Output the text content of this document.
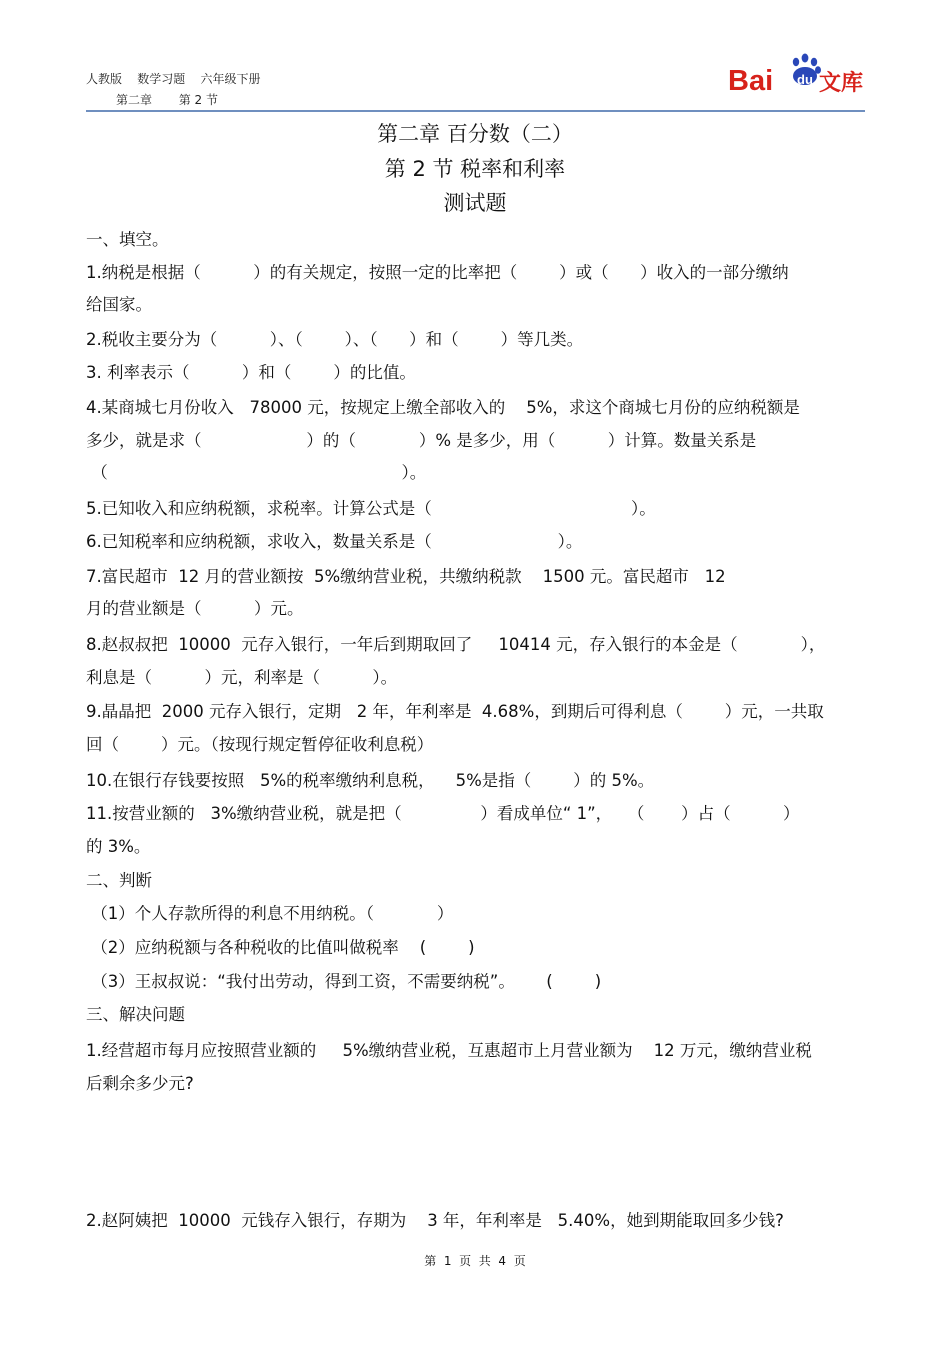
人教版    数学习题    六年级下册
第二章       第 2 节
Bai du 文库
第二章 百分数（二）
第 2 节 税率和利率
测试题
一、填空。
1.纳税是根据（          ）的有关规定，按照一定的比率把（        ）或（      ）收入的一部分缴纳
给国家。
2.税收主要分为（          ）、（        ）、（      ）和（        ）等几类。
3. 利率表示（          ）和（        ）的比值。
4.某商城七月份收入   78000 元，按规定上缴全部收入的    5%，求这个商城七月份的应纳税额是
多少，就是求（                    ）的（            ）% 是多少，用（          ）计算。数量关系是
（                                                        ）。
5.已知收入和应纳税额，求税率。计算公式是（                                      ）。
6.已知税率和应纳税额，求收入，数量关系是（                        ）。
7.富民超市  12 月的营业额按  5%缴纳营业税，共缴纳税款    1500 元。富民超市   12
月的营业额是（          ）元。
8.赵叔叔把  10000  元存入银行，一年后到期取回了     10414 元，存入银行的本金是（            ），
利息是（          ）元，利率是（          ）。
9.晶晶把  2000 元存入银行，定期   2 年，年利率是  4.68%，到期后可得利息（        ）元，一共取
回（        ）元。（按现行规定暂停征收利息税）
10.在银行存钱要按照   5%的税率缴纳利息税，    5%是指（        ）的 5%。
11.按营业额的   3%缴纳营业税，就是把（               ）看成单位“ 1”，   （       ）占（          ）
的 3%。
二、判断
（1）个人存款所得的利息不用纳税。（            ）
（2）应纳税额与各种税收的比值叫做税率    (        )
（3）王叔叔说：“我付出劳动，得到工资，不需要纳税”。      (        )
三、解决问题
1.经营超市每月应按照营业额的     5%缴纳营业税，互惠超市上月营业额为    12 万元，缴纳营业税
后剩余多少元?
2.赵阿姨把  10000  元钱存入银行，存期为    3 年，年利率是   5.40%，她到期能取回多少钱?
第  1  页  共  4  页
